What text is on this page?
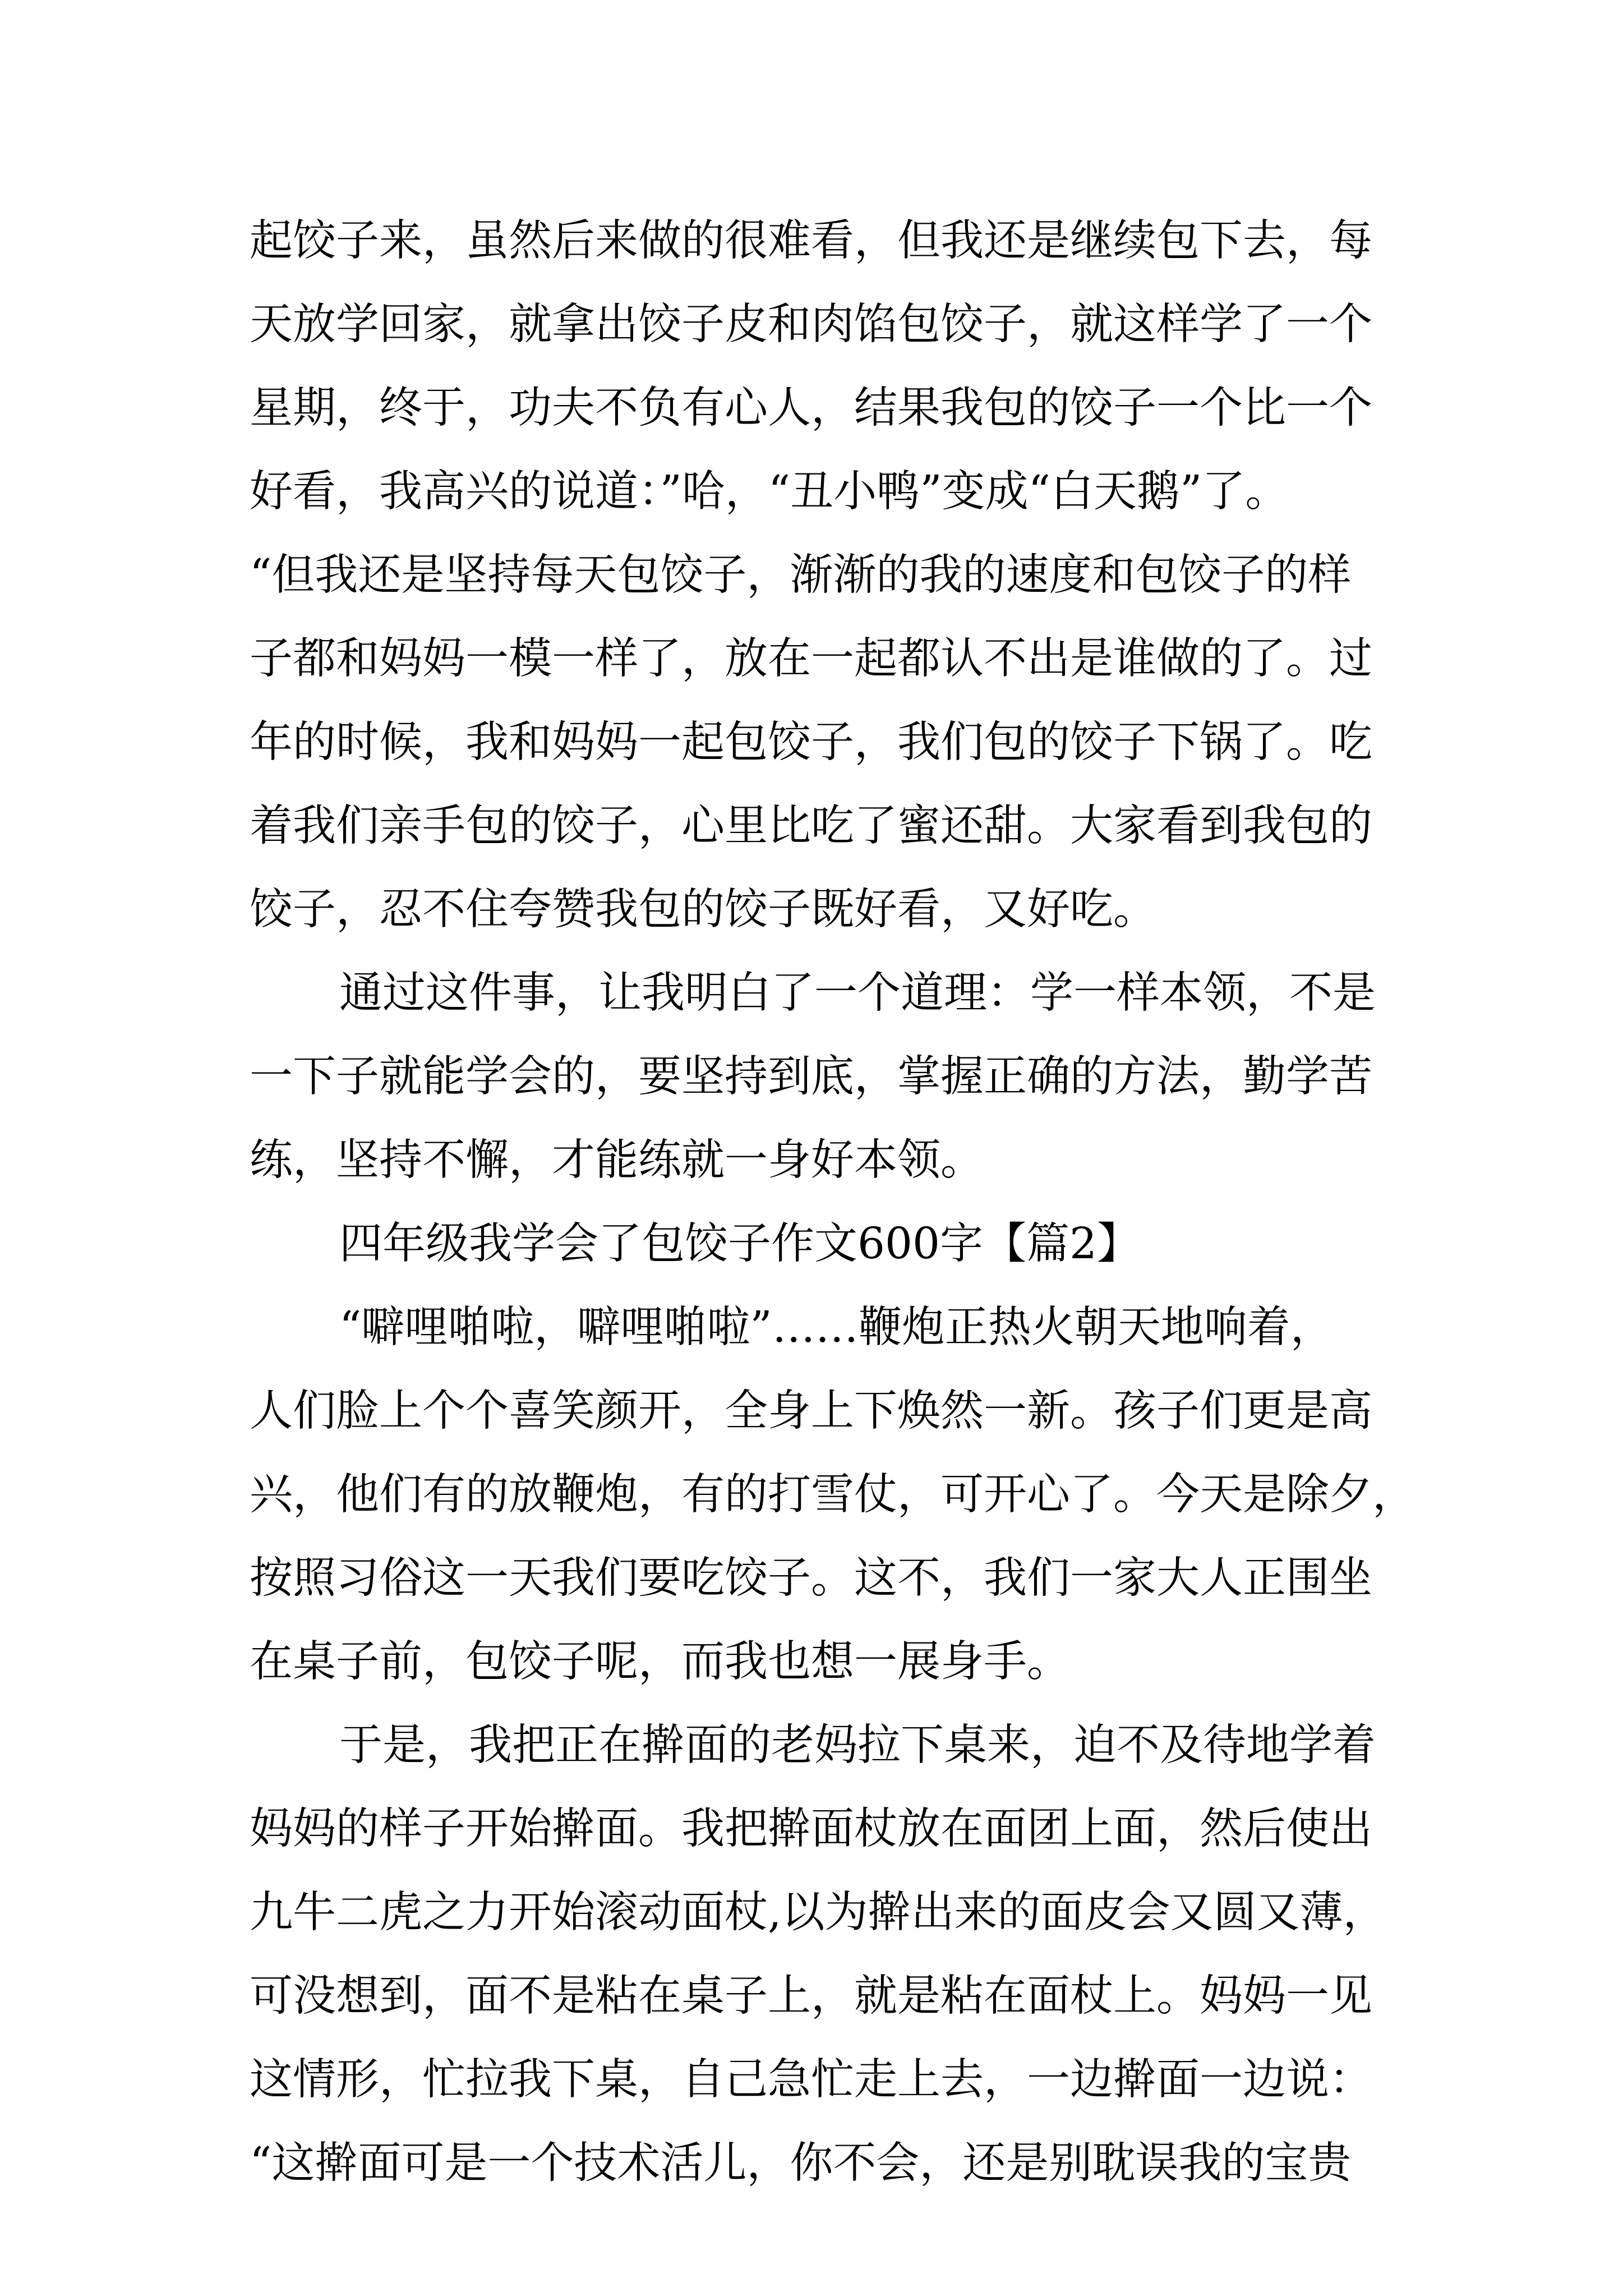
起饺子来，虽然后来做的很难看，但我还是继续包下去，每
天放学回家，就拿出饺子皮和肉馅包饺子，就这样学了一个
星期，终于，功夫不负有心人，结果我包的饺子一个比一个
好看，我高兴的说道：”哈，“丑小鸭”变成“白天鹅”了。
“但我还是坚持每天包饺子，渐渐的我的速度和包饺子的样
子都和妈妈一模一样了，放在一起都认不出是谁做的了。过
年的时候，我和妈妈一起包饺子，我们包的饺子下锅了。吃
着我们亲手包的饺子，心里比吃了蜜还甜。大家看到我包的
饺子，忍不住夸赞我包的饺子既好看，又好吃。
通过这件事，让我明白了一个道理：学一样本领，不是
一下子就能学会的，要坚持到底，掌握正确的方法，勤学苦
练，坚持不懈，才能练就一身好本领。
四年级我学会了包饺子作文600字【篇2】
“噼哩啪啦，噼哩啪啦”……鞭炮正热火朝天地响着，
人们脸上个个喜笑颜开，全身上下焕然一新。孩子们更是高
兴，他们有的放鞭炮，有的打雪仗，可开心了。今天是除夕，
按照习俗这一天我们要吃饺子。这不，我们一家大人正围坐
在桌子前，包饺子呢，而我也想一展身手。
于是，我把正在擀面的老妈拉下桌来，迫不及待地学着
妈妈的样子开始擀面。我把擀面杖放在面团上面，然后使出
九牛二虎之力开始滚动面杖,以为擀出来的面皮会又圆又薄，
可没想到，面不是粘在桌子上，就是粘在面杖上。妈妈一见
这情形，忙拉我下桌，自己急忙走上去，一边擀面一边说：
“这擀面可是一个技术活儿，你不会，还是别耽误我的宝贵
